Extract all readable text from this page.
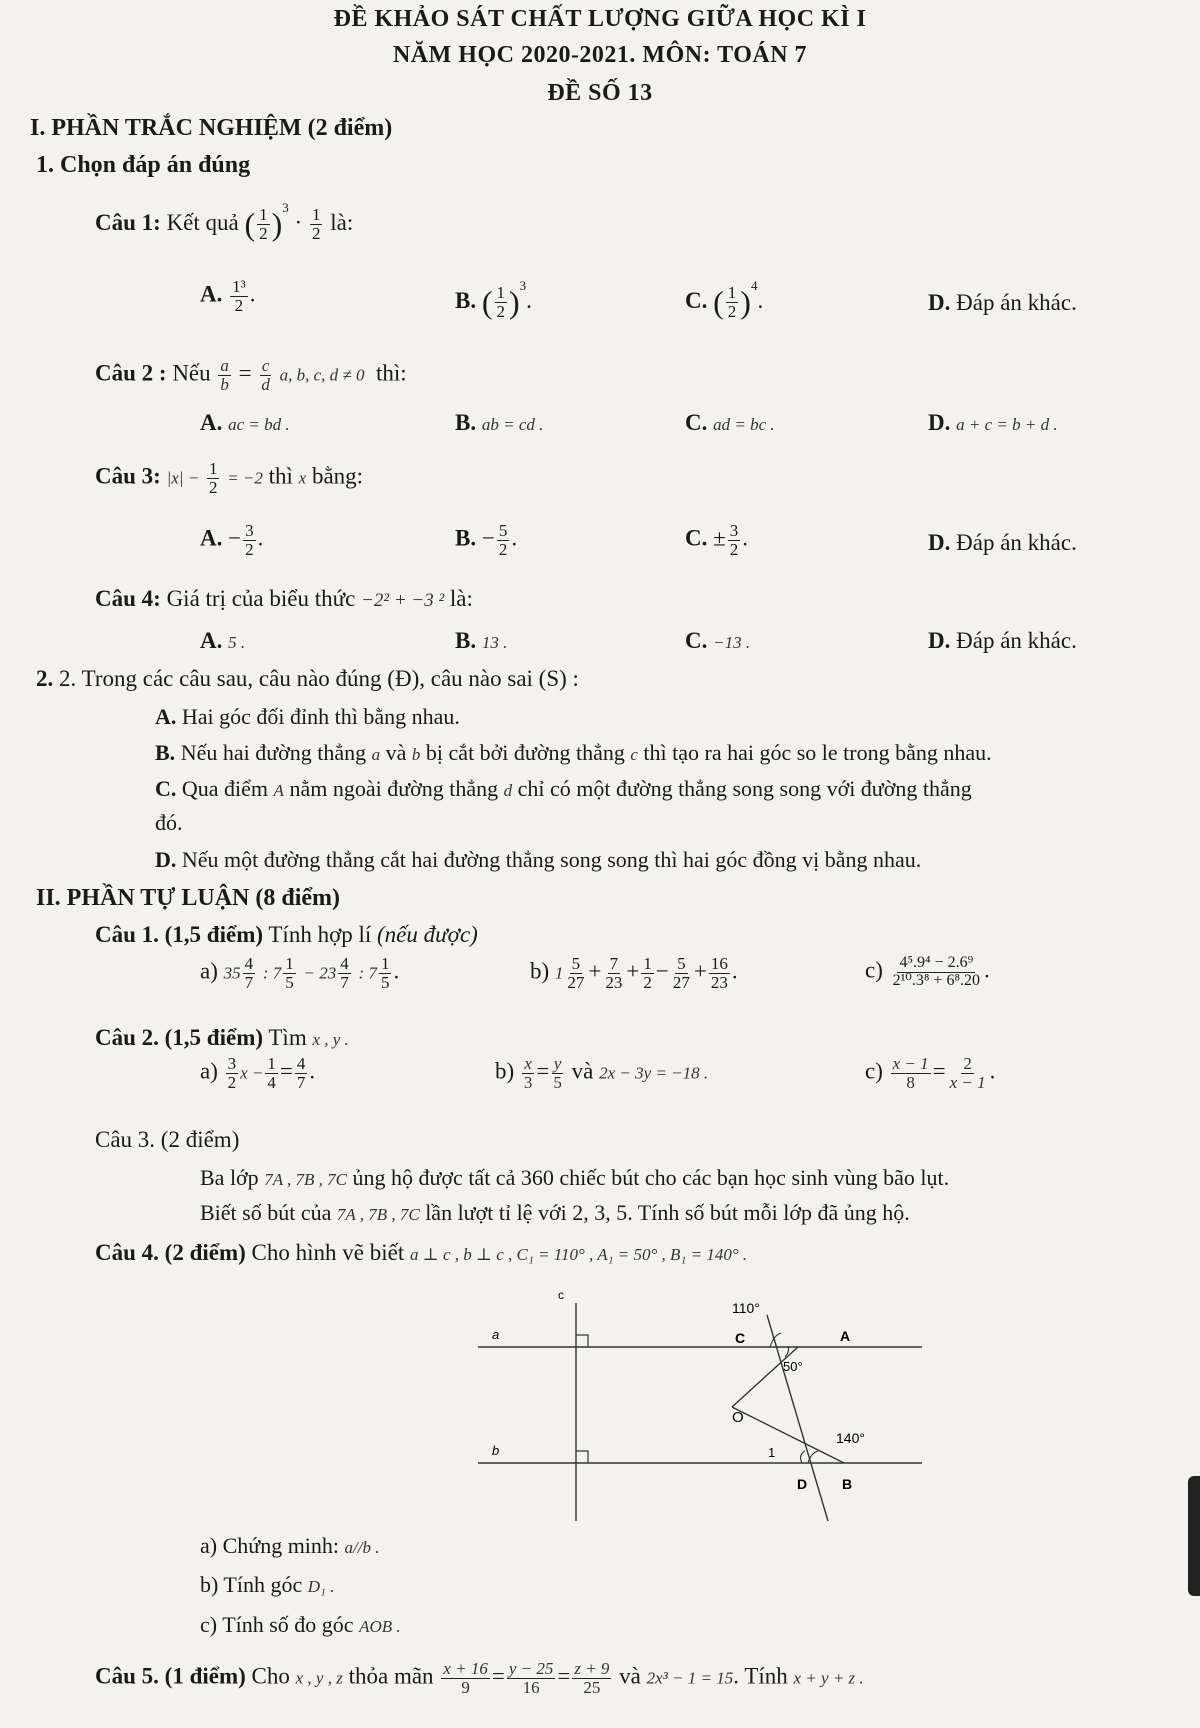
ĐỀ KHẢO SÁT CHẤT LƯỢNG GIỮA HỌC KÌ I
NĂM HỌC 2020-2021. MÔN: TOÁN 7
ĐỀ SỐ 13
I. PHẦN TRẮC NGHIỆM (2 điểm)
1. Chọn đáp án đúng
Câu 1: Kết quả ( $\frac{1}{2} )^3 \cdot \frac{1}{2}$ là:
A. $\frac{\text{1³}}{2}$ .	B. ( $\frac{1}{2} )^3$.	C. ( $\frac{1}{2} )^4$.	D. Đáp án khác.
Câu 2 : Nếu $\frac{a}{b} = \frac{c}{d} a$, b, c, d ≠ 0 thì:
A. ac = bd .	B. ab = cd .	C. ad = bc .	D. a + c = b + d .
Câu 3: $|x| - \frac{1}{2} = -2$ thì x bằng:
A. − $\frac{3}{2}$ .	B. − $\frac{5}{2}$ .	C. ± $\frac{3}{2}$ .	D. Đáp án khác.
Câu 4: Giá trị của biểu thức −2² + −3 ² là:
A. 5 .	B. 13 .	C. −13 .	D. Đáp án khác.
2. 2. Trong các câu sau, câu nào đúng (Đ), câu nào sai (S) :
A. Hai góc đối đỉnh thì bằng nhau.
B. Nếu hai đường thẳng a và b bị cắt bởi đường thẳng c thì tạo ra hai góc so le trong bằng nhau.
C. Qua điểm A nằm ngoài đường thẳng d chỉ có một đường thẳng song song với đường thẳng
đó.
D. Nếu một đường thẳng cắt hai đường thẳng song song thì hai góc đồng vị bằng nhau.
II. PHẦN TỰ LUẬN (8 điểm)
Câu 1. (1,5 điểm) Tính hợp lí (nếu được)
a) $35 \frac{4}{7}$ : $7 \frac{1}{5} - 23 \frac{4}{7}$ : $7 \frac{1}{5}$ .	b) $1 \frac{5}{27} + \frac{7}{23} + \frac{1}{2} - \frac{5}{27} + \frac{16}{23}$ .	$c) \frac{\text{4⁵.9⁴ − 2.6⁹}}{\text{2¹⁰.3⁸ + 6⁸.20}}$ .
Câu 2. (1,5 điểm) Tìm x , y .
$a) \frac{3}{2}$ $x - \frac{1}{4} = \frac{4}{7}$ .	$b) \frac{x}{3} = \frac{y}{5}$ và 2x − 3y = −18 .	$c) \frac{x - 1}{8} = \frac{2}{x - 1}$ .
Câu 3. (2 điểm)
Ba lớp 7A , 7B , 7C ủng hộ được tất cả 360 chiếc bút cho các bạn học sinh vùng bão lụt.
Biết số bút của 7A , 7B , 7C lần lượt tỉ lệ với 2, 3, 5. Tính số bút mỗi lớp đã ủng hộ.
Câu 4. (2 điểm) Cho hình vẽ biết a ⊥ c , b ⊥ c , C₁ = 110° , A₁ = 50° , B₁ = 140° .
c
a
b
110°
C	A
50°
O
1
140°
D B
a) Chứng minh: a//b .
b) Tính góc D₁ .
c) Tính số đo góc AOB .
Câu 5. (1 điểm) Cho x , y , z thỏa mãn $\frac{x + 16}{9} = \frac{y - 25}{16} = \frac{z + 9}{25}$ và 2x³ − 1 = 15. Tính x + y + z .
